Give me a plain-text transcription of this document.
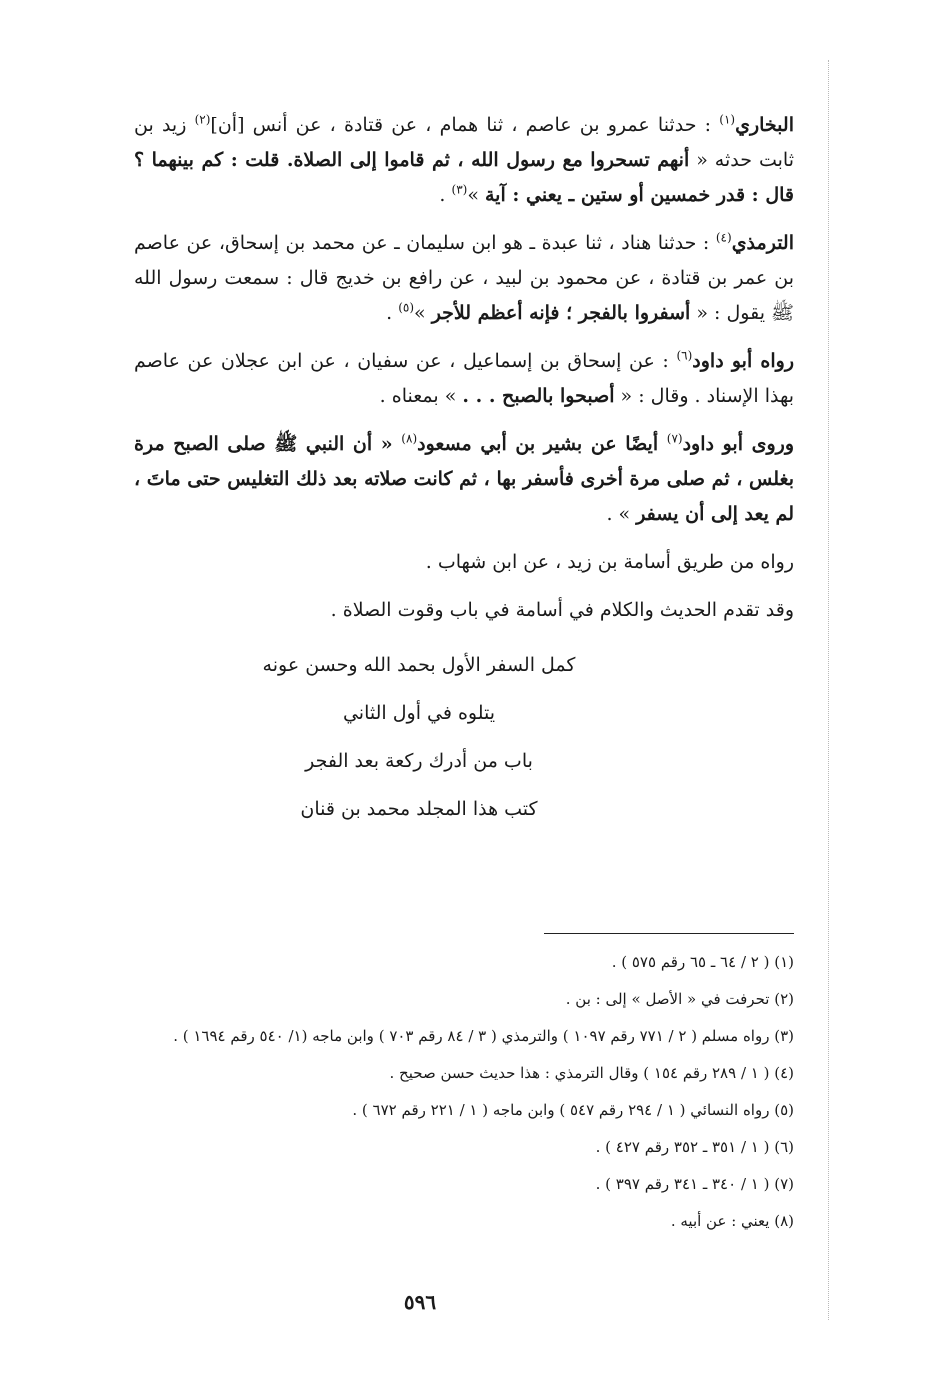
البخاري$^{(١)}$ : حدثنا عمرو بن عاصم ، ثنا همام ، عن قتادة ، عن أنس [أن]$^{(٢)}$ زيد بن ثابت حدثه « أنهم تسحروا مع رسول الله ، ثم قاموا إلى الصلاة. قلت : كم بينهما ؟ قال : قدر خمسين أو ستين ـ يعني : آية »$^{(٣)}$ .

الترمذي$^{(٤)}$ : حدثنا هناد ، ثنا عبدة ـ هو ابن سليمان ـ عن محمد بن إسحاق، عن عاصم بن عمر بن قتادة ، عن محمود بن لبيد ، عن رافع بن خديج قال : سمعت رسول الله ﷺ يقول : « أسفروا بالفجر ؛ فإنه أعظم للأجر »$^{(٥)}$ .

رواه أبو داود$^{(٦)}$ : عن إسحاق بن إسماعيل ، عن سفيان ، عن ابن عجلان عن عاصم بهذا الإسناد . وقال : « أصبحوا بالصبح . . . » بمعناه .

وروى أبو داود$^{(٧)}$ أيضًا عن بشير بن أبي مسعود$^{(٨)}$ « أن النبي ﷺ صلى الصبح مرة بغلس ، ثم صلى مرة أخرى فأسفر بها ، ثم كانت صلاته بعد ذلك التغليس حتى ماتَ ، لم يعد إلى أن يسفر » .

رواه من طريق أسامة بن زيد ، عن ابن شهاب .

وقد تقدم الحديث والكلام في أسامة في باب وقوت الصلاة .

كمل السفر الأول بحمد الله وحسن عونه

يتلوه في أول الثاني

باب من أدرك ركعة بعد الفجر

كتب هذا المجلد محمد بن قنان

(١) ( ٢ / ٦٤ ـ ٦٥ رقم ٥٧٥ ) .

(٢) تحرفت في « الأصل » إلى : بن .

(٣) رواه مسلم ( ٢ / ٧٧١ رقم ١٠٩٧ ) والترمذي ( ٣ / ٨٤ رقم ٧٠٣ ) وابن ماجه (١/ ٥٤٠ رقم ١٦٩٤ ) .

(٤) ( ١ / ٢٨٩ رقم ١٥٤ ) وقال الترمذي : هذا حديث حسن صحيح .

(٥) رواه النسائي ( ١ / ٢٩٤ رقم ٥٤٧ ) وابن ماجه ( ١ / ٢٢١ رقم ٦٧٢ ) .

(٦) ( ١ / ٣٥١ ـ ٣٥٢ رقم ٤٢٧ ) .

(٧) ( ١ / ٣٤٠ ـ ٣٤١ رقم ٣٩٧ ) .

(٨) يعني : عن أبيه .

٥٩٦
